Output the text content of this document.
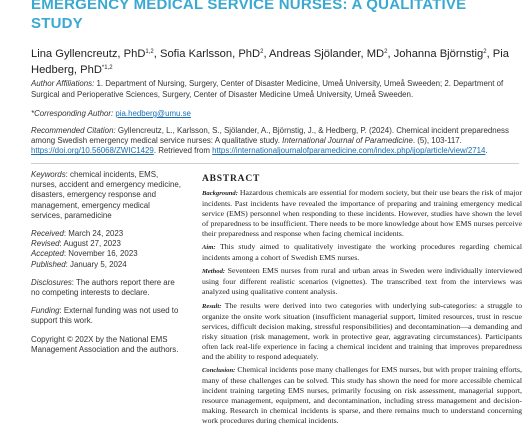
EMERGENCY MEDICAL SERVICE NURSES: A QUALITATIVE STUDY
Lina Gyllencreutz, PhD$^{1,2}$, Sofia Karlsson, PhD$^2$, Andreas Sjölander, $MD^2$, Johanna Björnstig$^2$, Pia Hedberg, PhD$^{*1,2}$
Author Affiliations: 1. Department of Nursing, Surgery, Center of Disaster Medicine, Umeå University, Umeå Sweeden; 2. Department of Surgical and Perioperative Sciences, Surgery, Center of Disaster Medicine Umeå University, Umeå Sweeden.
*Corresponding Author: pia.hedberg@umu.se
Recommended Citation: Gyllencreutz, L., Karlsson, S., Sjölander, A., Björnstig, J., & Hedberg, P. (2024). Chemical incident preparedness among Swedish emergency medical service nurses: A qualitative study. International Journal of Paramedicine. (5), 103-117. https://doi.org/10.56068/ZWIC1429. Retrieved from https://internationaljournalofparamedicine.com/index.php/ijop/article/view/2714.

Keywords: chemical incidents, EMS, nurses, accident and emergency medicine, disasters, emergency response and management, emergency medical services, paramedicine

Received: March 24, 2023

Revised: August 27, 2023

Accepted: November 16, 2023

Published: January 5, 2024

Disclosures: The authors report there are no competing interests to declare.

Funding: External funding was not used to support this work.

Copyright © 202X by the National EMS Management Association and the authors.

ABSTRACT

Background: Hazardous chemicals are essential for modern society, but their use bears the risk of major incidents. Past incidents have revealed the importance of preparing and training emergency medical service (EMS) personnel when responding to these incidents. However, studies have shown the level of preparedness to be insufficient. There needs to be more knowledge about how EMS nurses perceive their preparedness and response when facing chemical incidents.

Aim: This study aimed to qualitatively investigate the working procedures regarding chemical incidents among a cohort of Swedish EMS nurses.

Method: Seventeen EMS nurses from rural and urban areas in Sweden were individually interviewed using four different realistic scenarios (vignettes). The transcribed text from the interviews was analyzed using qualitative content analysis.

Result: The results were derived into two categories with underlying sub-categories: a struggle to organize the onsite work situation (insufficient managerial support, limited resources, trust in rescue services, difficult decision making, stressful responsibilities) and decontamination—a demanding and risky situation (risk management, work in protective gear, aggravating circumstances). Participants often lack real-life experience in facing a chemical incident and training that improves preparedness and the ability to respond adequately.

Conclusion: Chemical incidents pose many challenges for EMS nurses, but with proper training efforts, many of these challenges can be solved. This study has shown the need for more accessible chemical incident training targeting EMS nurses, primarily focusing on risk assessment, managerial support, resource management, equipment, and decontamination, including stress management and decision-making. Research in chemical incidents is sparse, and there remains much to understand concerning work procedures during chemical incidents.
